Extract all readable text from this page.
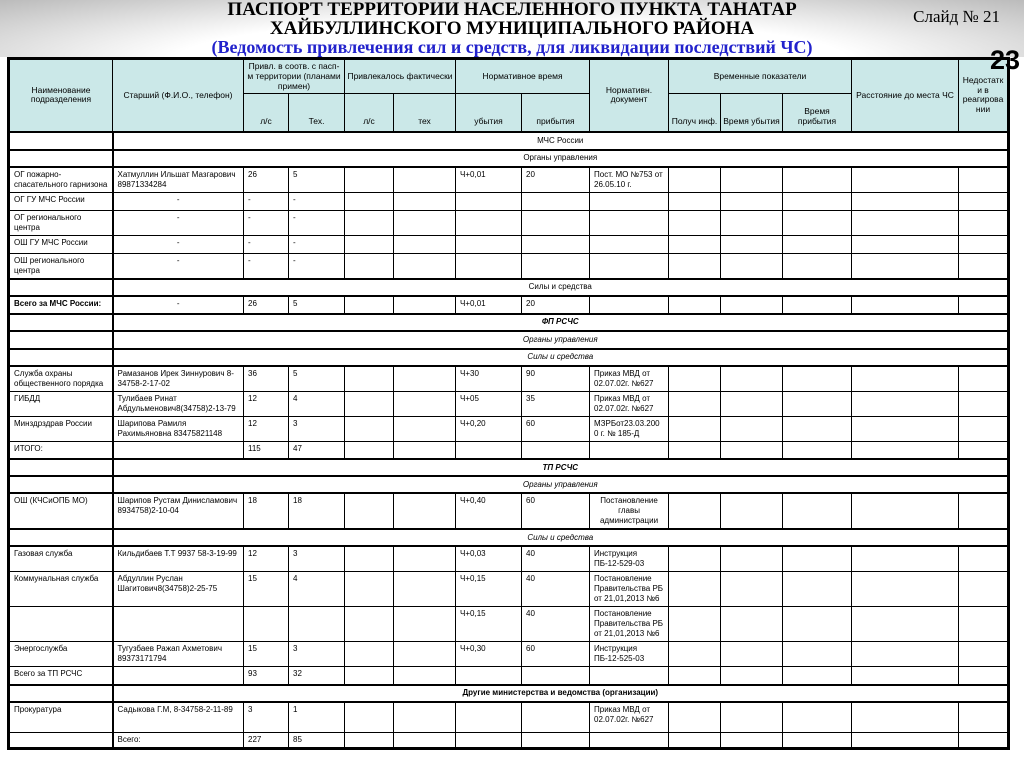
ПАСПОРТ ТЕРРИТОРИИ НАСЕЛЕННОГО ПУНКТА ТАНАТАР
ХАЙБУЛЛИНСКОГО МУНИЦИПАЛЬНОГО РАЙОНА
(Ведомость привлечения сил и средств, для ликвидации последствий ЧС)
Слайд № 21
23
Наименование подразделения	Старший (Ф.И.О., телефон)	Привл. в соотв. с пасп-м территории (планами примен)		Привлекалось фактически		Нормативное время		Нормативн. документ	Временные показатели			Расстояние до места ЧС	Недостатки в реагировании
		л/с	Тех.	л/с	тех	убытия	прибытия		Получ инф.	Время убытия	Время прибытия		
	МЧС России												
	Органы управления												
ОГ пожарно-спасательного гарнизона	Хатмуллин Ильшат Мазгарович 89871334284	26	5			Ч+0,01	20	Пост. МО №753 от 26.05.10 г.					
ОГ ГУ МЧС России	-	-	-										
ОГ регионального центра	-	-	-										
ОШ ГУ МЧС России	-	-	-										
ОШ регионального центра	-	-	-										
	Силы и средства												
Всего за МЧС России:	-	26	5			Ч+0,01	20						
	ФП РСЧС												
	Органы управления												
	Силы и средства												
Служба охраны общественного порядка	Рамазанов Ирек Зиннурович 8-34758-2-17-02	36	5			Ч+30	90	Приказ МВД от 02.07.02г. №627					
ГИБДД	Тулибаев Ринат Абдульменович8(34758)2-13-79	12	4			Ч+05	35	Приказ МВД от 02.07.02г. №627					
Минздрздрав России	Шарипова Рамиля Рахимьяновна 83475821148	12	3			Ч+0,20	60	МЗРБот23.03.2000 г. № 185-Д					
ИТОГО:		115	47										
	ТП РСЧС												
	Органы управления												
ОШ (КЧСиОПБ МО)	Шарипов Рустам Динисламович 8934758)2-10-04	18	18			Ч+0,40	60	Постановление главы администрации					
	Силы и средства												
Газовая служба	Кильдибаев Т.Т 9937 58-3-19-99	12	3			Ч+0,03	40	Инструкция ПБ-12-529-03					
Коммунальная служба	Абдуллин Руслан Шагитович8(34758)2-25-75	15	4			Ч+0,15	40	Постановление Правительства РБ от 21,01,2013 №6					
						Ч+0,15	40	Постановление Правительства РБ от 21,01,2013 №6					
Энергослужба	Тугузбаев Ражап Ахметович 89373171794	15	3			Ч+0,30	60	Инструкция ПБ-12-525-03					
Всего за ТП РСЧС		93	32										
	Другие министерства и ведомства (организации)												
Прокуратура	Садыкова Г.М, 8-34758-2-11-89	3	1					Приказ МВД от 02.07.02г. №627					
	Всего:	227	85										
